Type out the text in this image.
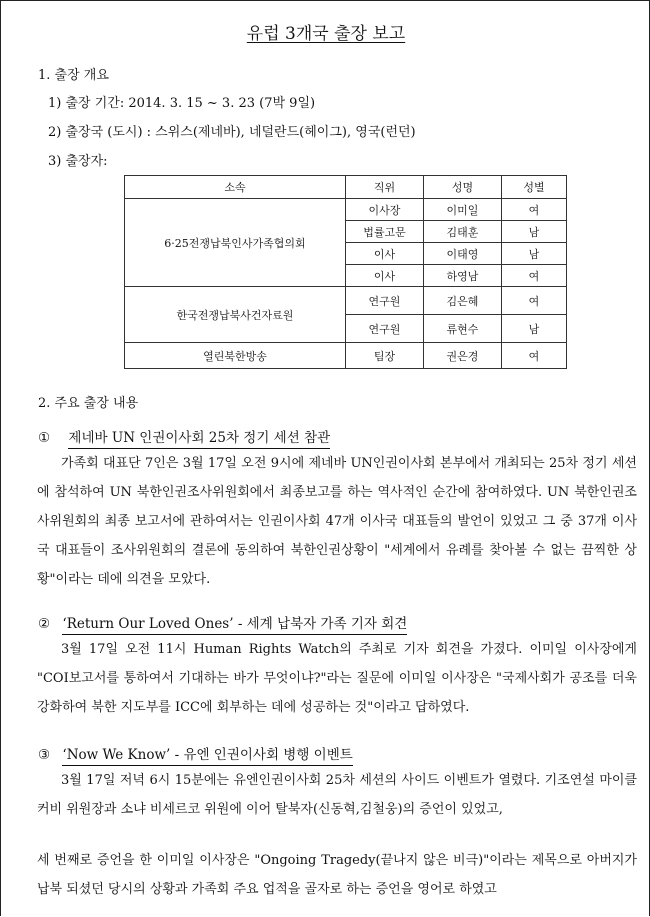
유럽 3개국 출장 보고
1. 출장 개요
1) 출장 기간: 2014. 3. 15 ~ 3. 23 (7박 9일)
2) 출장국 (도시) : 스위스(제네바), 네덜란드(헤이그), 영국(런던)
3) 출장자:
소속	직위	성명	성별
6·25전쟁납북인사가족협의회	이사장	이미일	여
	법률고문	김태훈	남
	이사	이태영	남
	이사	하영남	여
한국전쟁납북사건자료원	연구원	김은혜	여
	연구원	류현수	남
열린북한방송	팀장	권은경	여
2. 주요 출장 내용
① 제네바 UN 인권이사회 25차 정기 세션 참관
가족회 대표단 7인은 3월 17일 오전 9시에 제네바 UN인권이사회 본부에서 개최되는 25차 정기 세션에 참석하여 UN 북한인권조사위원회에서 최종보고를 하는 역사적인 순간에 참여하였다. UN 북한인권조사위원회의 최종 보고서에 관하여서는 인권이사회 47개 이사국 대표들의 발언이 있었고 그 중 37개 이사국 대표들이 조사위원회의 결론에 동의하여 북한인권상황이 "세계에서 유례를 찾아볼 수 없는 끔찍한 상황"이라는 데에 의견을 모았다.
② ‘Return Our Loved Ones’ - 세계 납북자 가족 기자 회견
3월 17일 오전 11시 Human Rights Watch의 주최로 기자 회견을 가졌다. 이미일 이사장에게 "COI보고서를 통하여서 기대하는 바가 무엇이냐?"라는 질문에 이미일 이사장은 "국제사회가 공조를 더욱 강화하여 북한 지도부를 ICC에 회부하는 데에 성공하는 것"이라고 답하였다.
③ ‘Now We Know’ - 유엔 인권이사회 병행 이벤트
3월 17일 저녁 6시 15분에는 유엔인권이사회 25차 세션의 사이드 이벤트가 열렸다. 기조연설 마이클 커비 위원장과 소냐 비세르코 위원에 이어 탈북자(신동혁,김철웅)의 증언이 있었고,
세 번째로 증언을 한 이미일 이사장은 "Ongoing Tragedy(끝나지 않은 비극)"이라는 제목으로 아버지가 납북 되셨던 당시의 상황과 가족회 주요 업적을 골자로 하는 증언을 영어로 하였고
